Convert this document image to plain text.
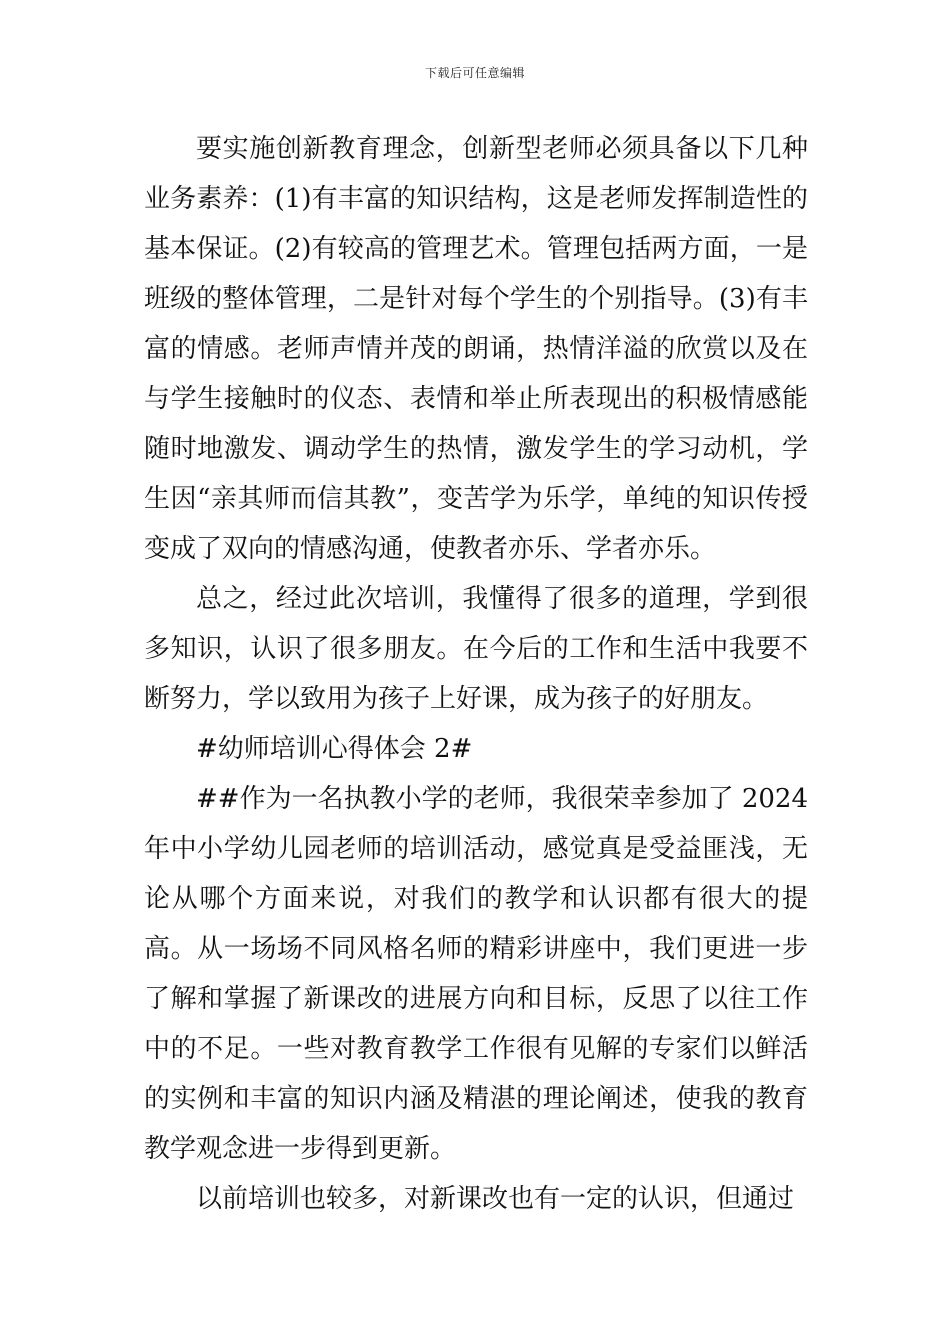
下载后可任意编辑

要实施创新教育理念，创新型老师必须具备以下几种业务素养：(1)有丰富的知识结构，这是老师发挥制造性的基本保证。(2)有较高的管理艺术。管理包括两方面，一是班级的整体管理，二是针对每个学生的个别指导。(3)有丰富的情感。老师声情并茂的朗诵，热情洋溢的欣赏以及在与学生接触时的仪态、表情和举止所表现出的积极情感能随时地激发、调动学生的热情，激发学生的学习动机，学生因“亲其师而信其教”，变苦学为乐学，单纯的知识传授变成了双向的情感沟通，使教者亦乐、学者亦乐。

总之，经过此次培训，我懂得了很多的道理，学到很多知识，认识了很多朋友。在今后的工作和生活中我要不断努力，学以致用为孩子上好课，成为孩子的好朋友。

#幼师培训心得体会 2#

##作为一名执教小学的老师，我很荣幸参加了 2024 年中小学幼儿园老师的培训活动，感觉真是受益匪浅，无论从哪个方面来说，对我们的教学和认识都有很大的提高。从一场场不同风格名师的精彩讲座中，我们更进一步了解和掌握了新课改的进展方向和目标，反思了以往工作中的不足。一些对教育教学工作很有见解的专家们以鲜活的实例和丰富的知识内涵及精湛的理论阐述，使我的教育教学观念进一步得到更新。

以前培训也较多，对新课改也有一定的认识，但通过
